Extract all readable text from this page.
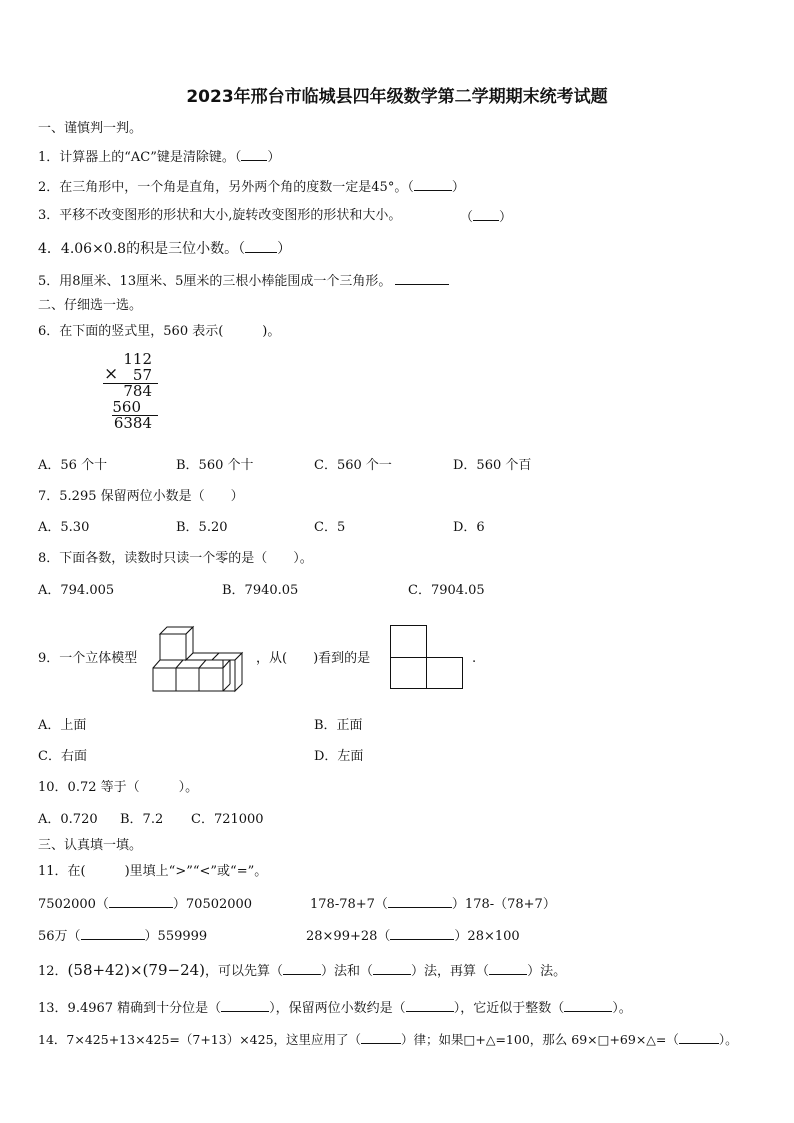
2023年邢台市临城县四年级数学第二学期期末统考试题
一、谨慎判一判。
1．计算器上的“AC”键是清除键。（ ）
2．在三角形中，一个角是直角，另外两个角的度数一定是45°。（	）
3．平移不改变图形的形状和大小,旋转改变图形的形状和大小。	（ ）
4．4.06×0.8的积是三位小数。（ ）
5．用8厘米、13厘米、5厘米的三根小棒能围成一个三角形。
二、仔细选一选。
6．在下面的竖式里，560 表示(　　　)。
112
× 57
784
560
6384
A．56 个十	B．560 个十	C．560 个一	D．560 个百
7．5.295 保留两位小数是（　　）
A．5.30	B．5.20	C．5	D．6
8．下面各数，读数时只读一个零的是（　　）。
A．794.005	B．7940.05	C．7904.05
9．一个立体模型	，从(　　)看到的是	.
A．上面	B．正面
C．右面	D．左面
10．0.72 等于（　　　）。
A．0.720 B．7.2 C．721000
三、认真填一填。
11．在(　　　)里填上“>”“<”或“=”。
7502000（	）70502000	178-78+7（	）178-（78+7）
56万（	）559999	28×99+28（	）28×100
12．(58+42)×(79−24)，可以先算（	）法和（	）法，再算（	）法。
13．9.4967 精确到十分位是（	），保留两位小数约是（	），它近似于整数（	）。
14．7×425+13×425=（7+13）×425，这里应用了（	）律；如果□+△=100，那么 69×□+69×△=（	）。
